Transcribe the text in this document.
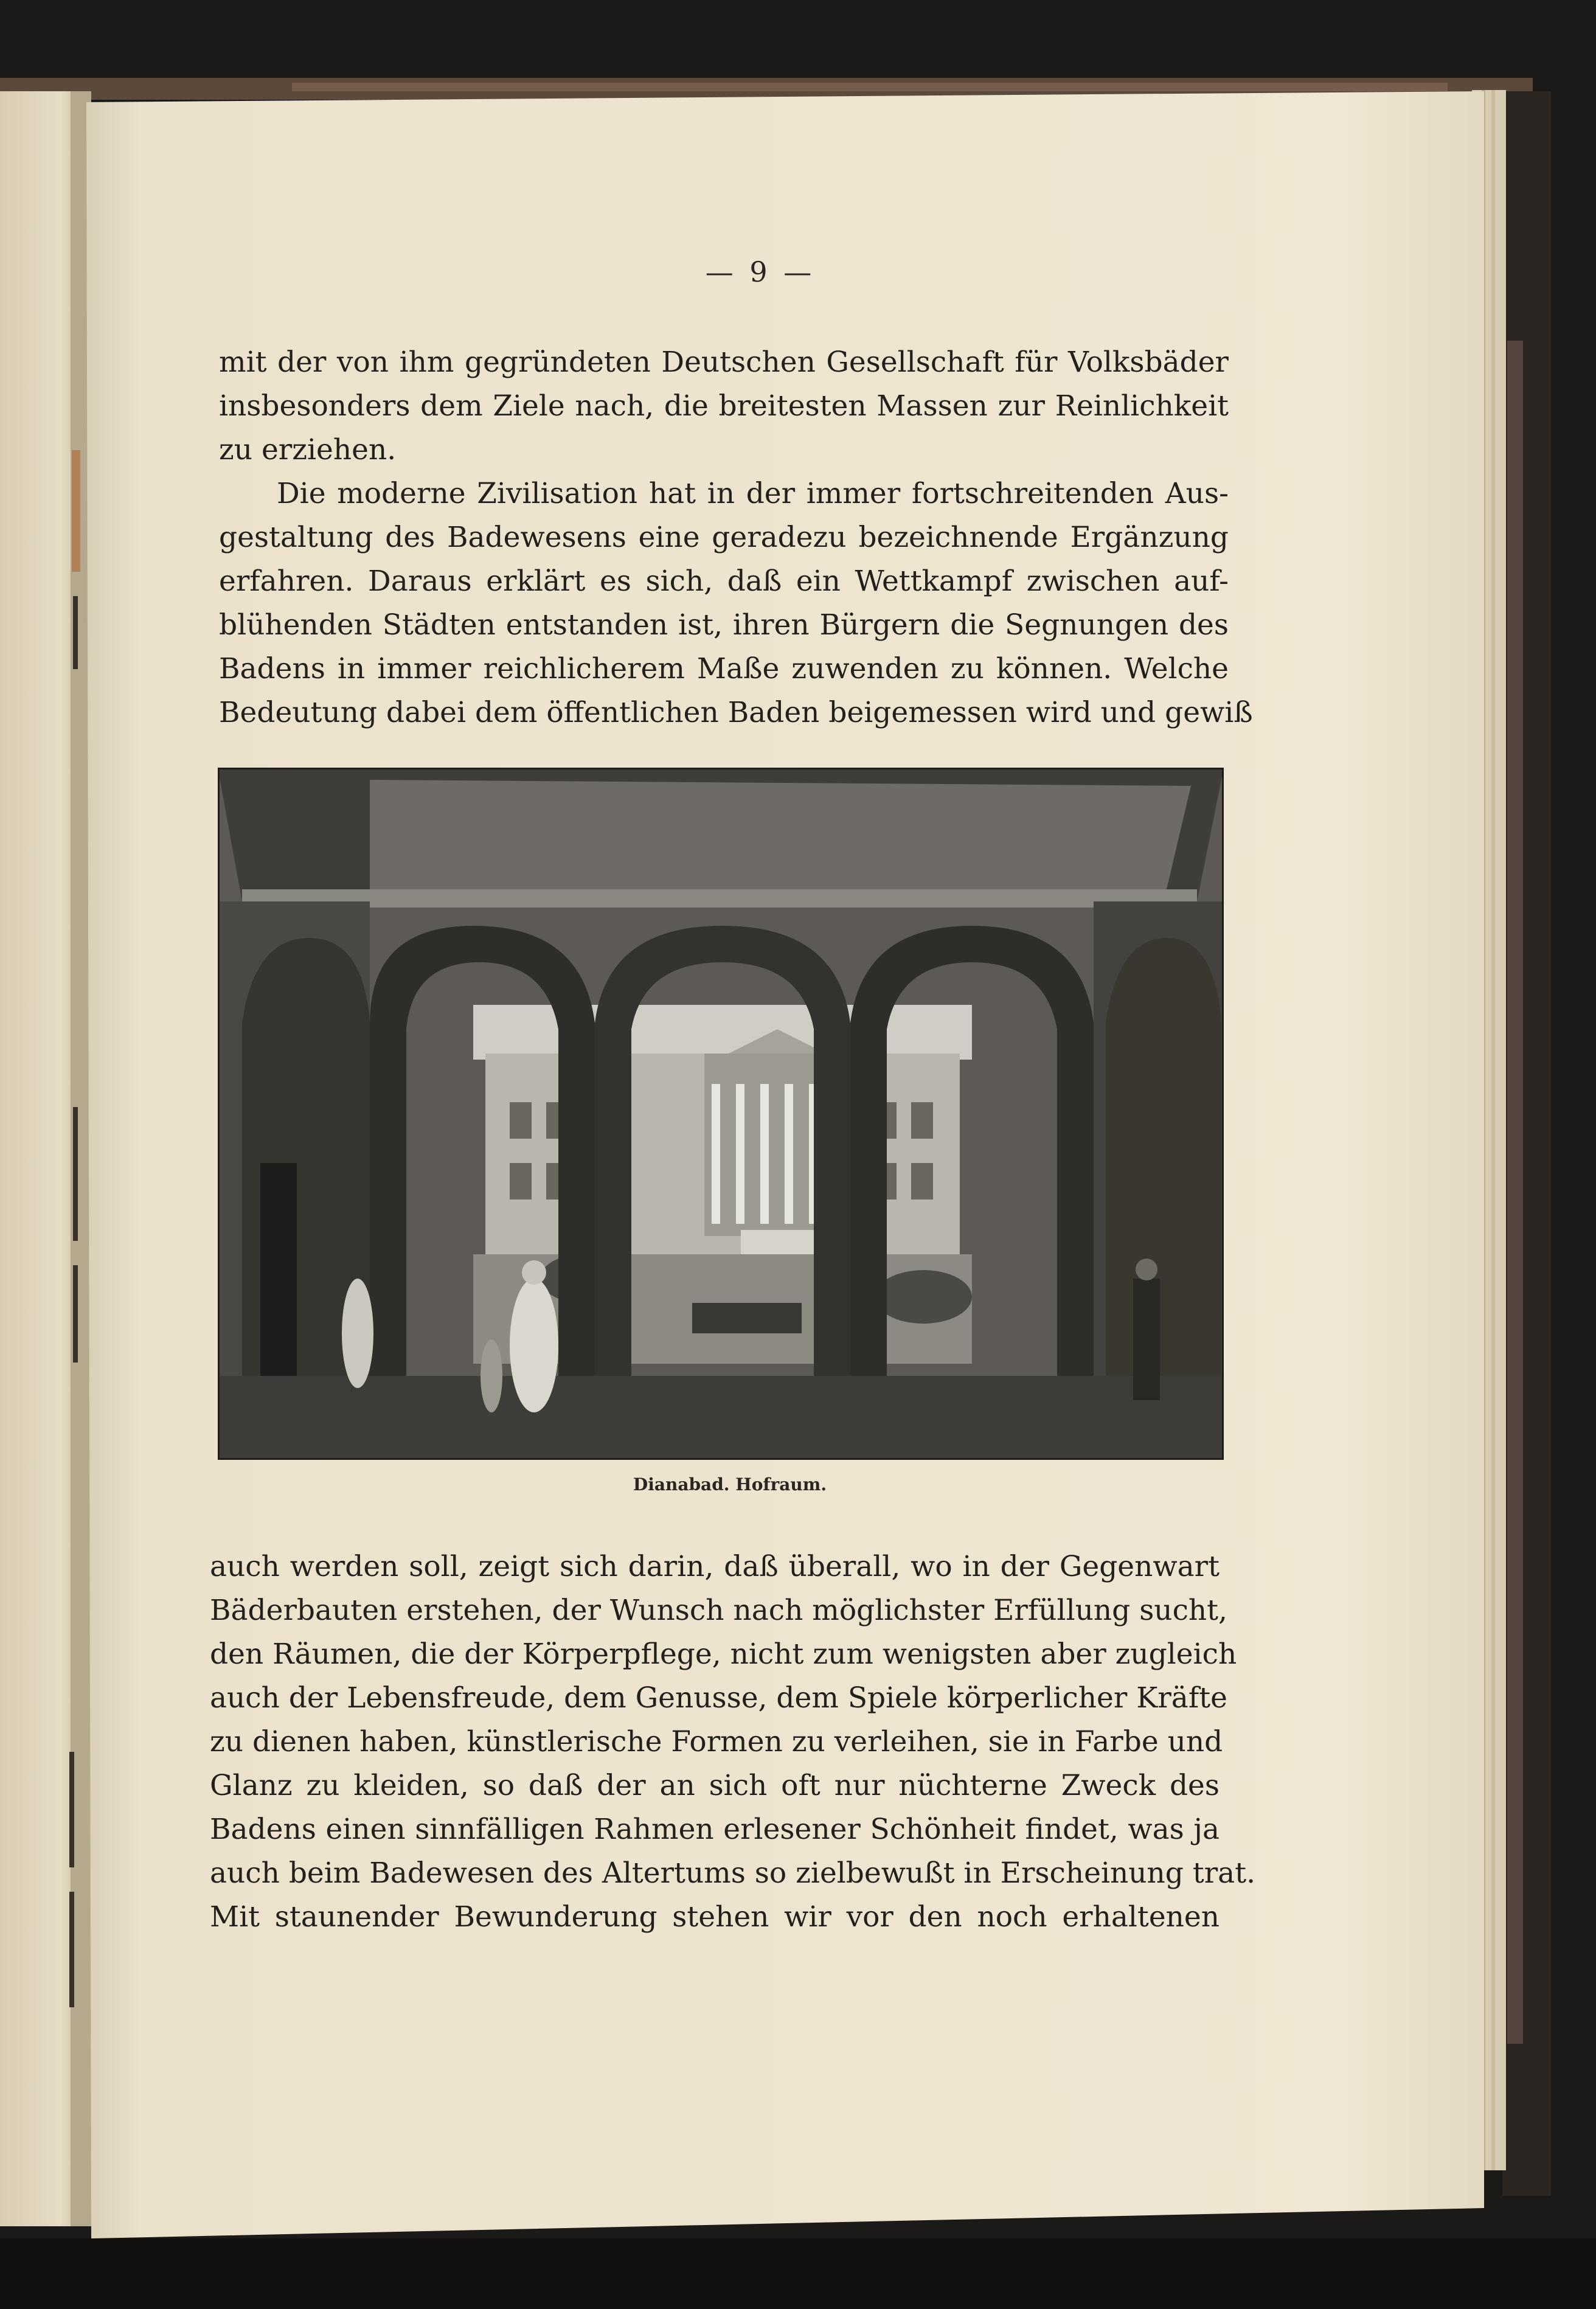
— 9 —
mit der von ihm gegründeten Deutschen Gesellschaft für Volksbäder
insbesonders dem Ziele nach, die breitesten Massen zur Reinlichkeit
zu erziehen.
Die moderne Zivilisation hat in der immer fortschreitenden Aus-
gestaltung des Badewesens eine geradezu bezeichnende Ergänzung
erfahren. Daraus erklärt es sich, daß ein Wettkampf zwischen auf-
blühenden Städten entstanden ist, ihren Bürgern die Segnungen des
Badens in immer reichlicherem Maße zuwenden zu können. Welche
Bedeutung dabei dem öffentlichen Baden beigemessen wird und gewiß
Dianabad. Hofraum.
auch werden soll, zeigt sich darin, daß überall, wo in der Gegenwart
Bäderbauten erstehen, der Wunsch nach möglichster Erfüllung sucht,
den Räumen, die der Körperpflege, nicht zum wenigsten aber zugleich
auch der Lebensfreude, dem Genusse, dem Spiele körperlicher Kräfte
zu dienen haben, künstlerische Formen zu verleihen, sie in Farbe und
Glanz zu kleiden, so daß der an sich oft nur nüchterne Zweck des
Badens einen sinnfälligen Rahmen erlesener Schönheit findet, was ja
auch beim Badewesen des Altertums so zielbewußt in Erscheinung trat.
Mit staunender Bewunderung stehen wir vor den noch erhaltenen
